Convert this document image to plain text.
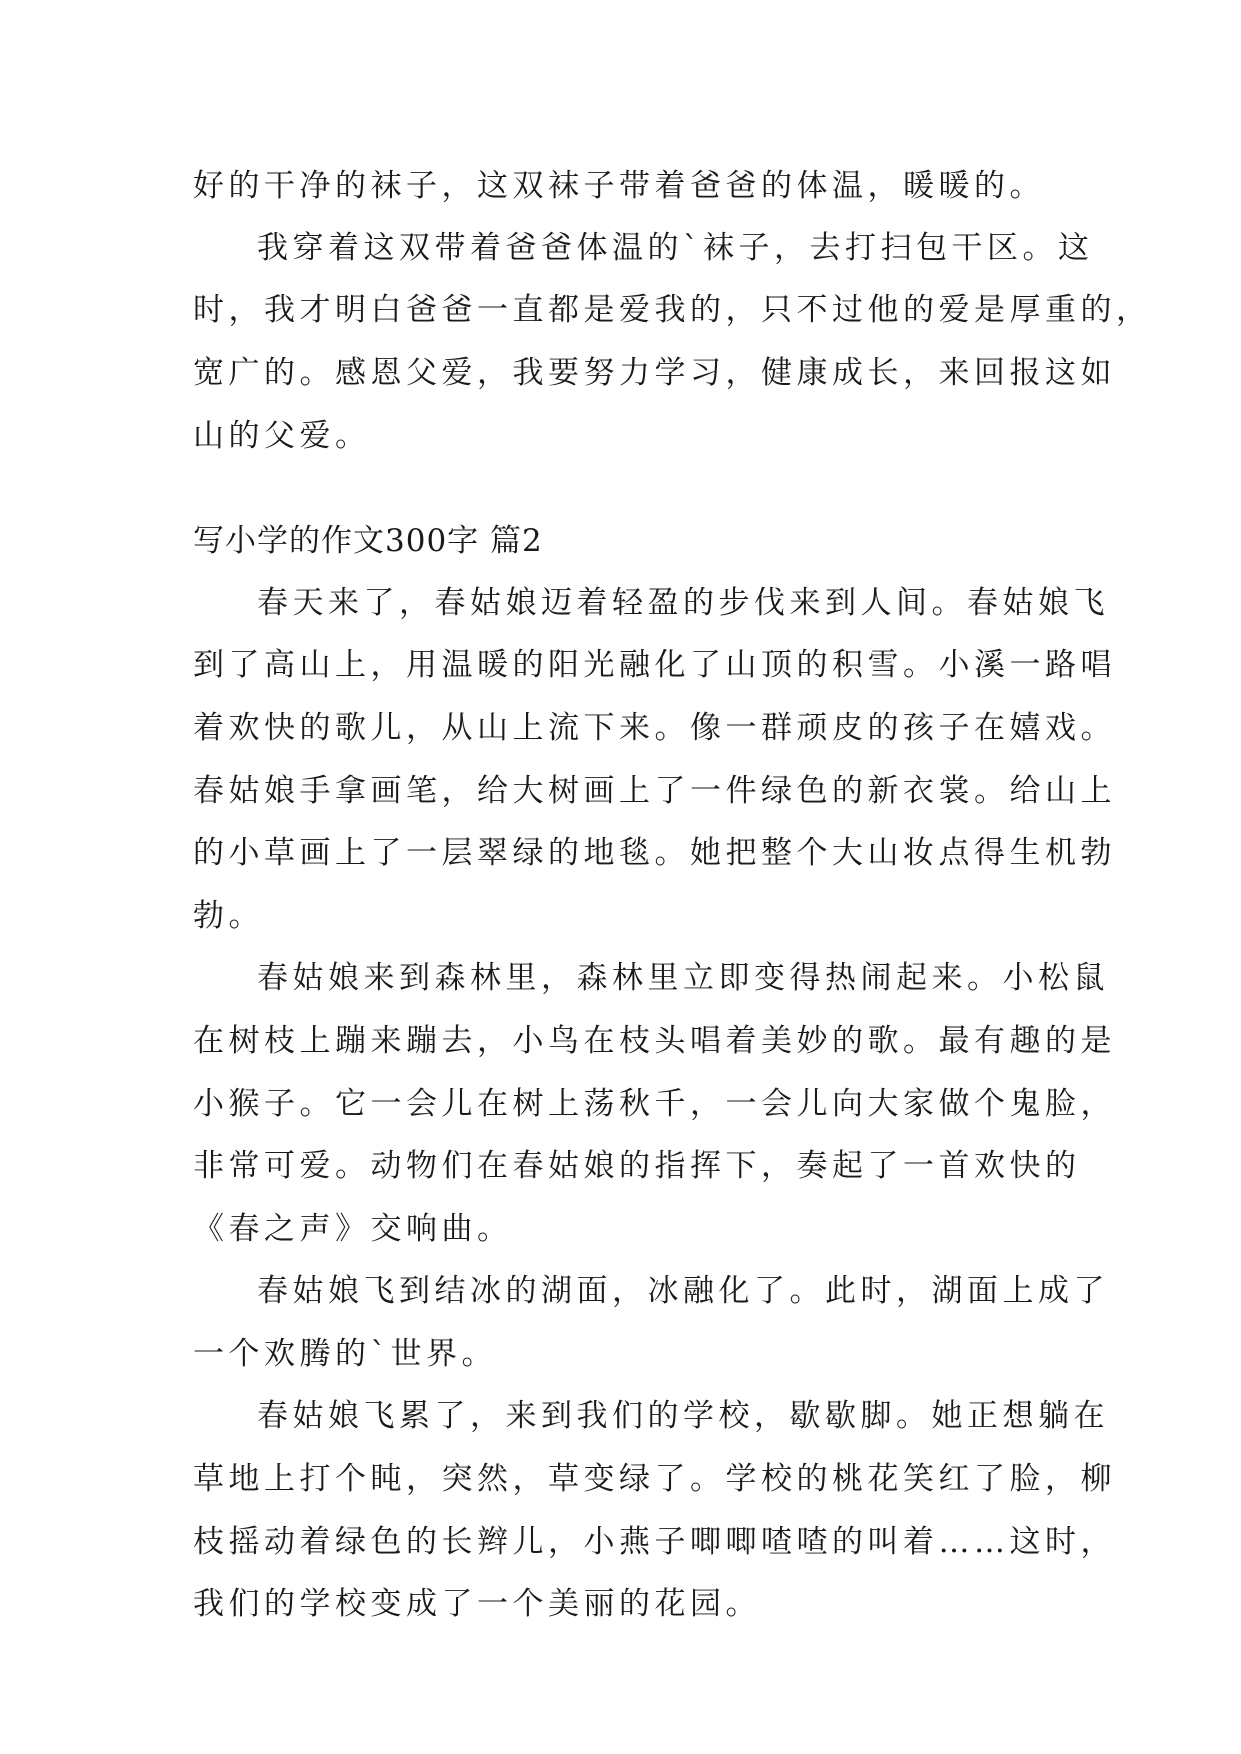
好的干净的袜子，这双袜子带着爸爸的体温，暖暖的。
我穿着这双带着爸爸体温的`袜子，去打扫包干区。这
时，我才明白爸爸一直都是爱我的，只不过他的爱是厚重的，
宽广的。感恩父爱，我要努力学习，健康成长，来回报这如
山的父爱。
写小学的作文300字 篇2
春天来了，春姑娘迈着轻盈的步伐来到人间。春姑娘飞
到了高山上，用温暖的阳光融化了山顶的积雪。小溪一路唱
着欢快的歌儿，从山上流下来。像一群顽皮的孩子在嬉戏。
春姑娘手拿画笔，给大树画上了一件绿色的新衣裳。给山上
的小草画上了一层翠绿的地毯。她把整个大山妆点得生机勃
勃。
春姑娘来到森林里，森林里立即变得热闹起来。小松鼠
在树枝上蹦来蹦去，小鸟在枝头唱着美妙的歌。最有趣的是
小猴子。它一会儿在树上荡秋千，一会儿向大家做个鬼脸，
非常可爱。动物们在春姑娘的指挥下，奏起了一首欢快的
《春之声》交响曲。
春姑娘飞到结冰的湖面，冰融化了。此时，湖面上成了
一个欢腾的`世界。
春姑娘飞累了，来到我们的学校，歇歇脚。她正想躺在
草地上打个盹，突然，草变绿了。学校的桃花笑红了脸，柳
枝摇动着绿色的长辫儿，小燕子唧唧喳喳的叫着……这时，
我们的学校变成了一个美丽的花园。
